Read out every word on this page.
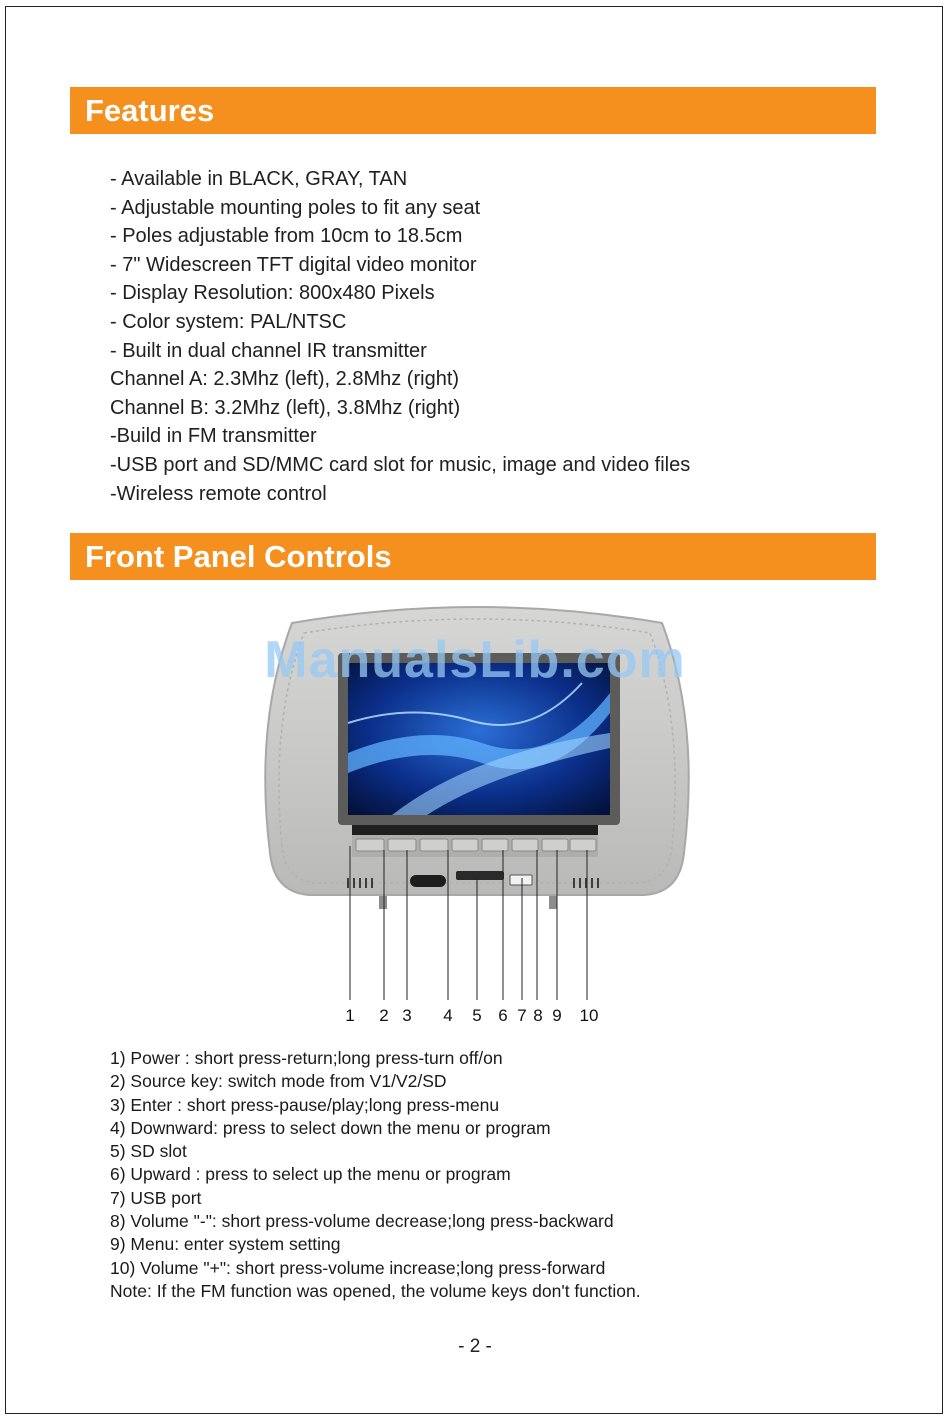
Features
- Available in BLACK, GRAY, TAN
- Adjustable mounting poles to fit any seat
- Poles adjustable from 10cm to 18.5cm
- 7" Widescreen TFT digital video monitor
- Display Resolution: 800x480 Pixels
- Color system: PAL/NTSC
- Built in dual channel IR transmitter
Channel A: 2.3Mhz (left), 2.8Mhz (right)
Channel B: 3.2Mhz (left), 3.8Mhz (right)
-Build in FM transmitter
-USB port and SD/MMC card slot for music, image and video files
-Wireless remote control
Front Panel Controls
ManualsLib.com
1 2 3 4 5 6 7 8 9 10
1) Power : short press-return;long press-turn off/on
2) Source key: switch mode from V1/V2/SD
3) Enter : short press-pause/play;long press-menu
4) Downward: press to select down the menu or program
5) SD slot
6) Upward : press to select up the menu or program
7) USB port
8) Volume "-": short press-volume decrease;long press-backward
9) Menu: enter system setting
10) Volume "+": short press-volume increase;long press-forward
Note: If the FM function was opened, the volume keys don't function.
- 2 -
